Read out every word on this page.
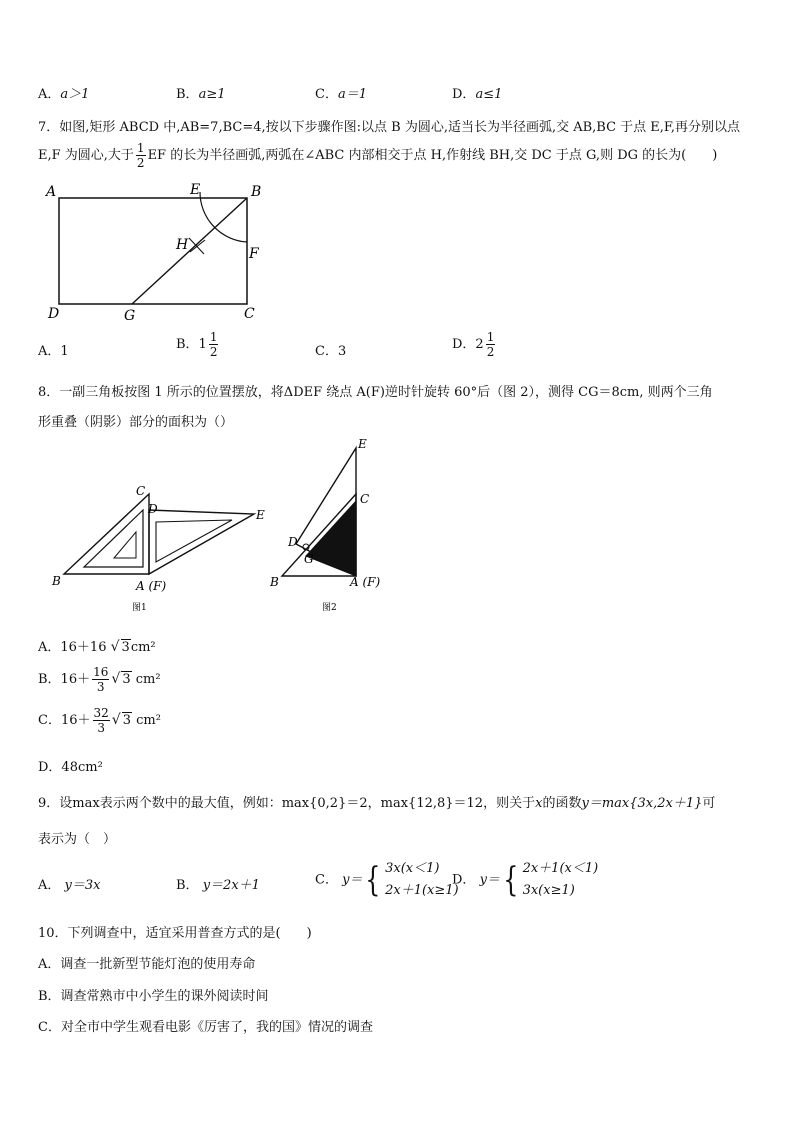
A．a＞1	B．a≥1	C．a＝1	D．a≤1
7．如图,矩形 ABCD 中,AB=7,BC=4,按以下步骤作图:以点 B 为圆心,适当长为半径画弧,交 AB,BC 于点 E,F,再分别以点
E,F 为圆心,大于 $\frac{1}{2}$ EF 的长为半径画弧,两弧在∠ABC 内部相交于点 H,作射线 BH,交 DC 于点 G,则 DG 的长为(　　)
A	B
E
F
H
D	G	C
A．1	B．$1 \frac{1}{2}$	C．3	D．$2 \frac{1}{2}$
8．一副三角板按图 1 所示的位置摆放，将ΔDEF 绕点 A(F)逆时针旋转 60°后（图 2），测得 CG＝8cm, 则两个三角
形重叠（阴影）部分的面积为（）
B
C
D	E
A (F)
图1
E
C
D
G
B	A (F)
图2
A．16＋16 √ 3cm²
B．$16+ \frac{16}{3}$ √ 3 cm²
C．$16+ \frac{32}{3}$ √ 3 cm²
D．48cm²
9．设max表示两个数中的最大值，例如：max{0,2}＝2，max{12,8}＝12，则关于x的函数y＝max{3x,2x＋1}可
表示为（　）
A． y＝3x	B． y＝2x＋1	C． y＝{ 3x(x＜1)
2x＋1(x≥1)
D． y＝{ 2x＋1(x＜1)
3x(x≥1)
10．下列调查中，适宜采用普查方式的是(　　)
A．调查一批新型节能灯泡的使用寿命
B．调查常熟市中小学生的课外阅读时间
C．对全市中学生观看电影《厉害了，我的国》情况的调查
